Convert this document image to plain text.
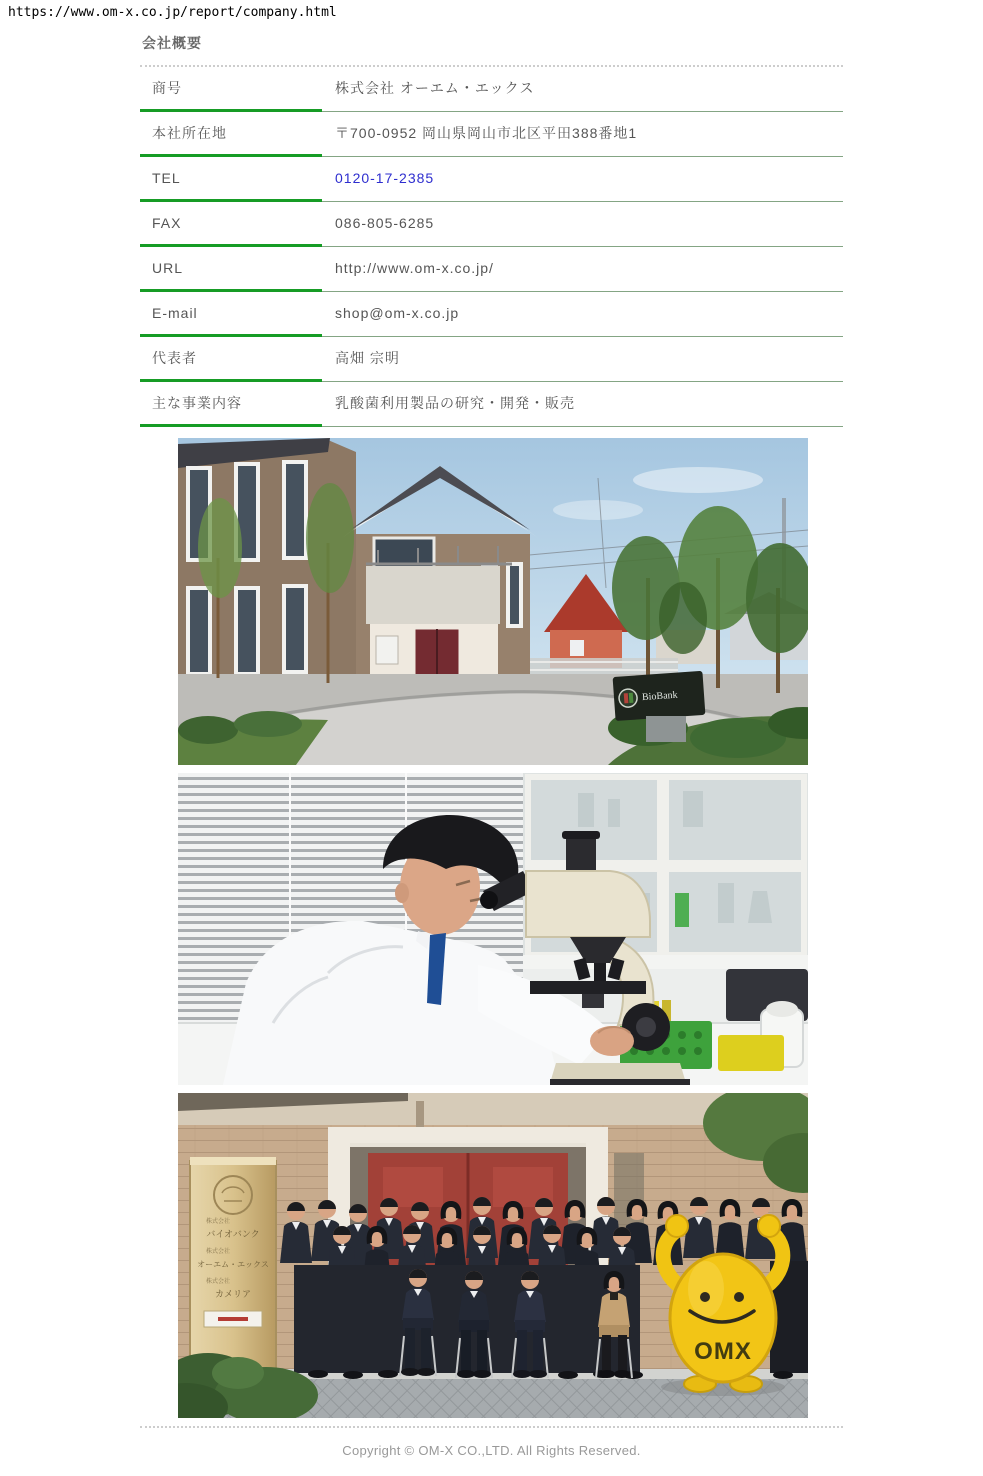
https://www.om-x.co.jp/report/company.html
会社概要
商号	株式会社 オーエム・エックス
本社所在地	〒700-0952 岡山県岡山市北区平田388番地1
TEL	0120-17-2385
FAX	086-805-6285
URL	http://www.om-x.co.jp/
E-mail	shop@om-x.co.jp
代表者	高畑 宗明
主な事業内容	乳酸菌利用製品の研究・開発・販売
BioBank
株式会社
バイオバンク
株式会社
オーエム・エックス
株式会社
カメリア
OMX
Copyright © OM-X CO.,LTD. All Rights Reserved.
